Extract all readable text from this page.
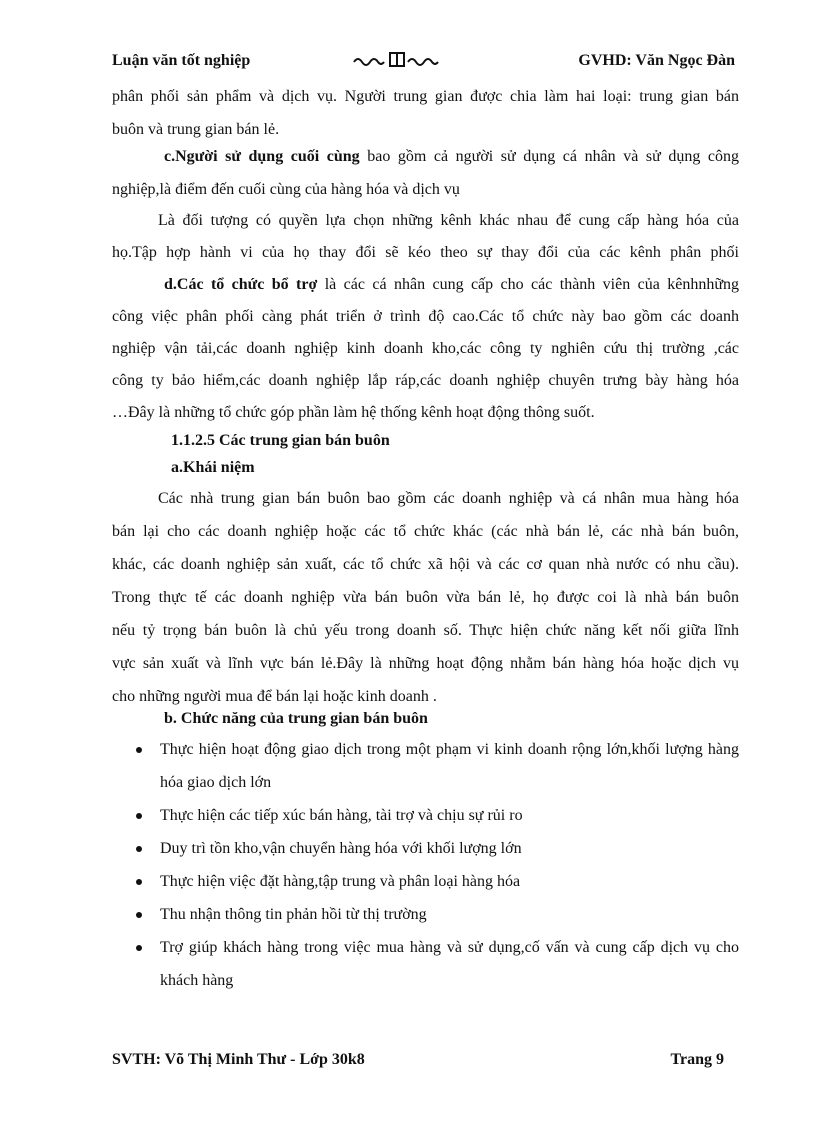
Luận văn tốt nghiệp	GVHD: Văn Ngọc Đàn
phân phối sản phẩm và dịch vụ. Người trung gian được chia làm hai loại: trung gian bán
buôn và trung gian bán lẻ.
c.Người sử dụng cuối cùng bao gồm cả người sử dụng cá nhân và sử dụng công
nghiệp,là điểm đến cuối cùng của hàng hóa và dịch vụ
Là đối tượng có quyền lựa chọn những kênh khác nhau để cung cấp hàng hóa của
họ.Tập hợp hành vi của họ thay đổi sẽ kéo theo sự thay đổi của các kênh phân phối
d.Các tổ chức bổ trợ là các cá nhân cung cấp cho các thành viên của kênhnhững
công việc phân phối càng phát triển ở trình độ cao.Các tổ chức này bao gồm các doanh
nghiệp vận tải,các doanh nghiệp kinh doanh kho,các công ty nghiên cứu thị trường ,các
công ty bảo hiểm,các doanh nghiệp lắp ráp,các doanh nghiệp chuyên trưng bày hàng hóa
…Đây là những tổ chức góp phần làm hệ thống kênh hoạt động thông suốt.
1.1.2.5 Các trung gian bán buôn
a.Khái niệm
Các nhà trung gian bán buôn bao gồm các doanh nghiệp và cá nhân mua hàng hóa
bán lại cho các doanh nghiệp hoặc các tổ chức khác (các nhà bán lẻ, các nhà bán buôn,
khác, các doanh nghiệp sản xuất, các tổ chức xã hội và các cơ quan nhà nước có nhu cầu).
Trong thực tế các doanh nghiệp vừa bán buôn vừa bán lẻ, họ được coi là nhà bán buôn
nếu tỷ trọng bán buôn là chủ yếu trong doanh số. Thực hiện chức năng kết nối giữa lĩnh
vực sản xuất và lĩnh vực bán lẻ.Đây là những hoạt động nhằm bán hàng hóa hoặc dịch vụ
cho những người mua để bán lại hoặc kinh doanh .
b. Chức năng của trung gian bán buôn
Thực hiện hoạt động giao dịch trong một phạm vi kinh doanh rộng lớn,khối lượng hàng hóa giao dịch lớn
Thực hiện các tiếp xúc bán hàng, tài trợ và chịu sự rủi ro
Duy trì tồn kho,vận chuyển hàng hóa với khối lượng lớn
Thực hiện việc đặt hàng,tập trung và phân loại hàng hóa
Thu nhận thông tin phản hồi từ thị trường
Trợ giúp khách hàng trong việc mua hàng và sử dụng,cố vấn và cung cấp dịch vụ cho khách hàng
SVTH: Võ Thị Minh Thư - Lớp 30k8	Trang 9
